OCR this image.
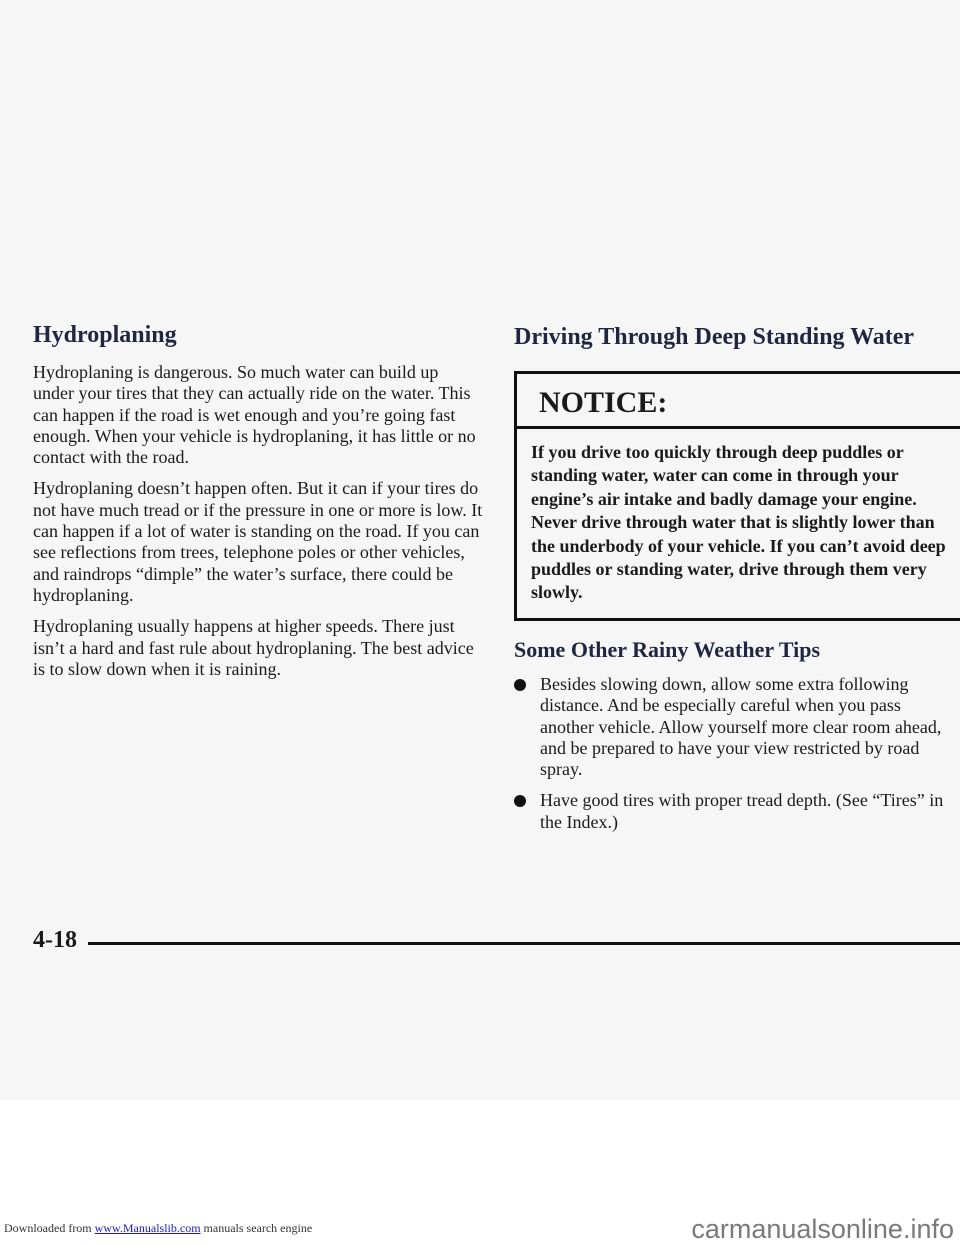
Hydroplaning

Hydroplaning is dangerous. So much water can build up under your tires that they can actually ride on the water. This can happen if the road is wet enough and you’re going fast enough. When your vehicle is hydroplaning, it has little or no contact with the road.

Hydroplaning doesn’t happen often. But it can if your tires do not have much tread or if the pressure in one or more is low. It can happen if a lot of water is standing on the road. If you can see reflections from trees, telephone poles or other vehicles, and raindrops “dimple” the water’s surface, there could be hydroplaning.

Hydroplaning usually happens at higher speeds. There just isn’t a hard and fast rule about hydroplaning. The best advice is to slow down when it is raining.

Driving Through Deep Standing Water
NOTICE:
If you drive too quickly through deep puddles or standing water, water can come in through your engine’s air intake and badly damage your engine. Never drive through water that is slightly lower than the underbody of your vehicle. If you can’t avoid deep puddles or standing water, drive through them very slowly.
Some Other Rainy Weather Tips
Besides slowing down, allow some extra following distance. And be especially careful when you pass another vehicle. Allow yourself more clear room ahead, and be prepared to have your view restricted by road spray.
Have good tires with proper tread depth. (See “Tires” in the Index.)
4-18
Downloaded from www.Manualslib.com manuals search engine	carmanualsonline.info
